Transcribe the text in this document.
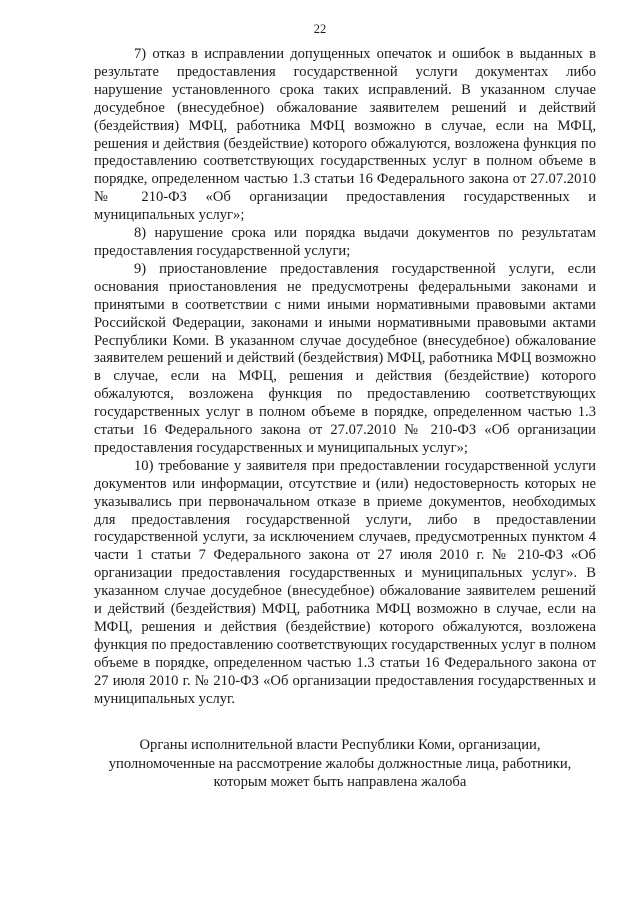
22

7) отказ в исправлении допущенных опечаток и ошибок в выданных в результате предоставления государственной услуги документах либо нарушение установленного срока таких исправлений. В указанном случае досудебное (внесудебное) обжалование заявителем решений и действий (бездействия) МФЦ, работника МФЦ возможно в случае, если на МФЦ, решения и действия (бездействие) которого обжалуются, возложена функция по предоставлению соответствующих государственных услуг в полном объеме в порядке, определенном частью 1.3 статьи 16 Федерального закона от 27.07.2010 № 210-ФЗ «Об организации предоставления государственных и муниципальных услуг»;

8) нарушение срока или порядка выдачи документов по результатам предоставления государственной услуги;

9) приостановление предоставления государственной услуги, если основания приостановления не предусмотрены федеральными законами и принятыми в соответствии с ними иными нормативными правовыми актами Российской Федерации, законами и иными нормативными правовыми актами Республики Коми. В указанном случае досудебное (внесудебное) обжалование заявителем решений и действий (бездействия) МФЦ, работника МФЦ возможно в случае, если на МФЦ, решения и действия (бездействие) которого обжалуются, возложена функция по предоставлению соответствующих государственных услуг в полном объеме в порядке, определенном частью 1.3 статьи 16 Федерального закона от 27.07.2010 № 210-ФЗ «Об организации предоставления государственных и муниципальных услуг»;

10) требование у заявителя при предоставлении государственной услуги документов или информации, отсутствие и (или) недостоверность которых не указывались при первоначальном отказе в приеме документов, необходимых для предоставления государственной услуги, либо в предоставлении государственной услуги, за исключением случаев, предусмотренных пунктом 4 части 1 статьи 7 Федерального закона от 27 июля 2010 г. № 210-ФЗ «Об организации предоставления государственных и муниципальных услуг». В указанном случае досудебное (внесудебное) обжалование заявителем решений и действий (бездействия) МФЦ, работника МФЦ возможно в случае, если на МФЦ, решения и действия (бездействие) которого обжалуются, возложена функция по предоставлению соответствующих государственных услуг в полном объеме в порядке, определенном частью 1.3 статьи 16 Федерального закона от 27 июля 2010 г. № 210-ФЗ «Об организации предоставления государственных и

муниципальных услуг.

Органы исполнительной власти Республики Коми, организации,
уполномоченные на рассмотрение жалобы должностные лица, работники,
которым может быть направлена жалоба
